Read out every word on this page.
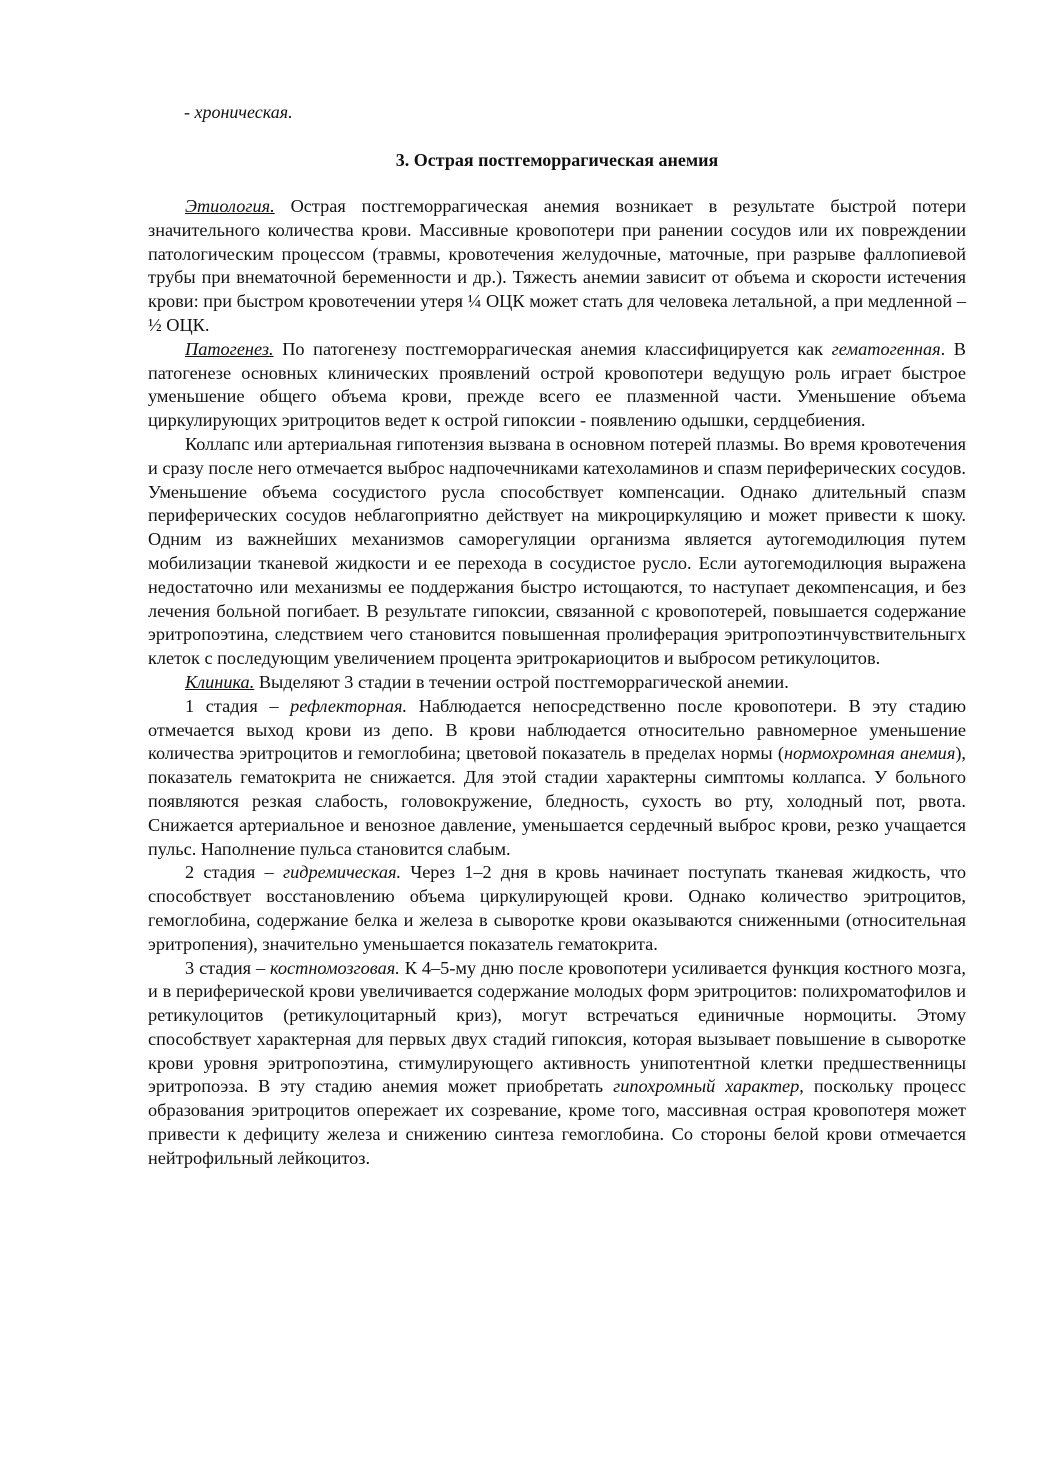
- хроническая.
3. Острая постгеморрагическая анемия

Этиология. Острая постгеморрагическая анемия возникает в результате быстрой потери значительного количества крови. Массивные кровопотери при ранении сосудов или их повреждении патологическим процессом (травмы, кровотечения желудочные, маточные, при разрыве фаллопиевой трубы при внематочной беременности и др.). Тяжесть анемии зависит от объема и скорости истечения крови: при быстром кровотечении утеря ¼ ОЦК может стать для человека летальной, а при медленной – ½ ОЦК.

Патогенез. По патогенезу постгеморрагическая анемия классифицируется как гематогенная. В патогенезе основных клинических проявлений острой кровопотери ведущую роль играет быстрое уменьшение общего объема крови, прежде всего ее плазменной части. Уменьшение объема циркулирующих эритроцитов ведет к острой гипоксии - появлению одышки, сердцебиения.

Коллапс или артериальная гипотензия вызвана в основном потерей плазмы. Во время кровотечения и сразу после него отмечается выброс надпочечниками катехоламинов и спазм периферических сосудов. Уменьшение объема сосудистого русла способствует компенсации. Однако длительный спазм периферических сосудов неблагоприятно действует на микроциркуляцию и может привести к шоку. Одним из важнейших механизмов саморегуляции организма является аутогемодилюция путем мобилизации тканевой жидкости и ее перехода в сосудистое русло. Если аутогемодилюция выражена недостаточно или механизмы ее поддержания быстро истощаются, то наступает декомпенсация, и без лечения больной погибает. В результате гипоксии, связанной с кровопотерей, повышается содержание эритропоэтина, следствием чего становится повышенная пролиферация эритропоэтинчувствительныгх клеток с последующим увеличением процента эритрокариоцитов и выбросом ретикулоцитов.

Клиника. Выделяют 3 стадии в течении острой постгеморрагической анемии.

1 стадия – рефлекторная. Наблюдается непосредственно после кровопотери. В эту стадию отмечается выход крови из депо. В крови наблюдается относительно равномерное уменьшение количества эритроцитов и гемоглобина; цветовой показатель в пределах нормы (нормохромная анемия), показатель гематокрита не снижается. Для этой стадии характерны симптомы коллапса. У больного появляются резкая слабость, головокружение, бледность, сухость во рту, холодный пот, рвота. Снижается артериальное и венозное давление, уменьшается сердечный выброс крови, резко учащается пульс. Наполнение пульса становится слабым.

2 стадия – гидремическая. Через 1–2 дня в кровь начинает поступать тканевая жидкость, что способствует восстановлению объема циркулирующей крови. Однако количество эритроцитов, гемоглобина, содержание белка и железа в сыворотке крови оказываются сниженными (относительная эритропения), значительно уменьшается показатель гематокрита.

3 стадия – костномозговая. К 4–5-му дню после кровопотери усиливается функция костного мозга, и в периферической крови увеличивается содержание молодых форм эритроцитов: полихроматофилов и ретикулоцитов (ретикулоцитарный криз), могут встречаться единичные нормоциты. Этому способствует характерная для первых двух стадий гипоксия, которая вызывает повышение в сыворотке крови уровня эритропоэтина, стимулирующего активность унипотентной клетки предшественницы эритропоэза. В эту стадию анемия может приобретать гипохромный характер, поскольку процесс образования эритроцитов опережает их созревание, кроме того, массивная острая кровопотеря может привести к дефициту железа и снижению синтеза гемоглобина. Со стороны белой крови отмечается нейтрофильный лейкоцитоз.
